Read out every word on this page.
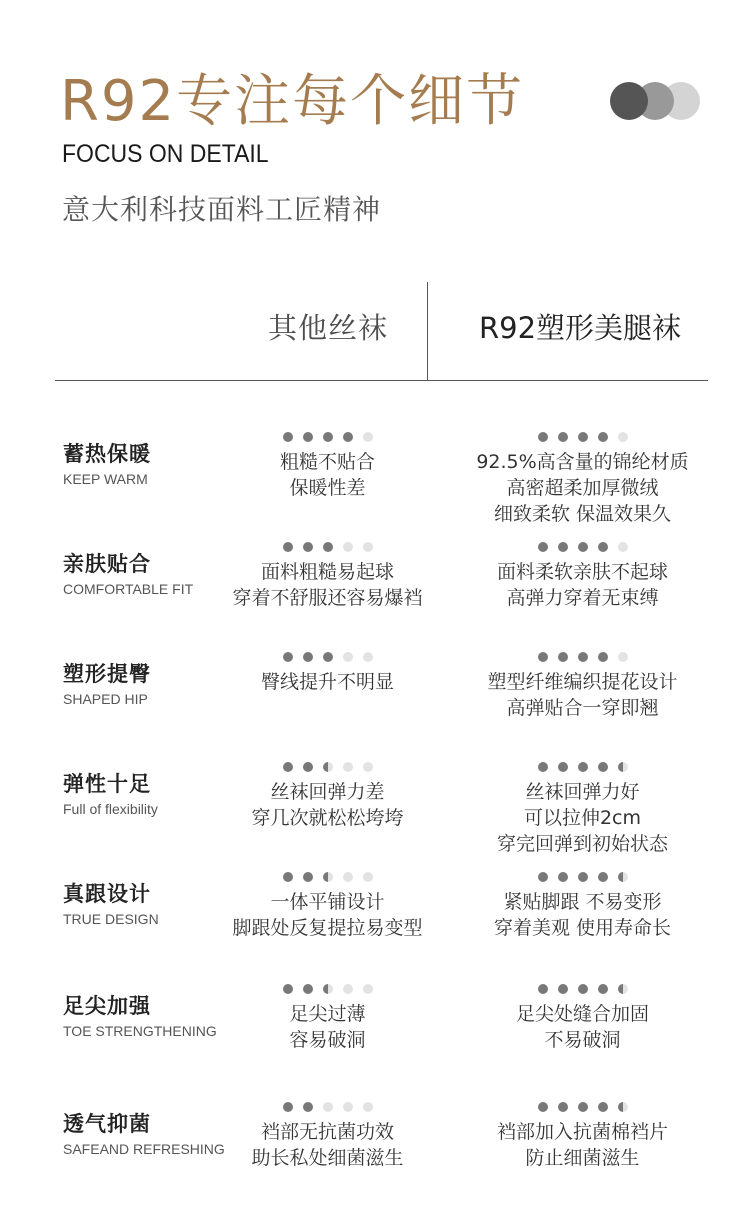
R92专注每个细节
FOCUS ON DETAIL
意大利科技面料工匠精神
其他丝袜	R92塑形美腿袜
蓄热保暖
KEEP WARM
粗糙不贴合
保暖性差
92.5%高含量的锦纶材质
高密超柔加厚微绒
细致柔软 保温效果久
亲肤贴合
COMFORTABLE FIT
面料粗糙易起球
穿着不舒服还容易爆裆
面料柔软亲肤不起球
高弹力穿着无束缚
塑形提臀
SHAPED HIP
臀线提升不明显	塑型纤维编织提花设计
高弹贴合一穿即翘
弹性十足
Full of flexibility
丝袜回弹力差
穿几次就松松垮垮
丝袜回弹力好
可以拉伸2cm
穿完回弹到初始状态
真跟设计
TRUE DESIGN
一体平铺设计
脚跟处反复提拉易变型
紧贴脚跟 不易变形
穿着美观 使用寿命长
足尖加强
TOE STRENGTHENING
足尖过薄
容易破洞
足尖处缝合加固
不易破洞
透气抑菌
SAFEAND REFRESHING
裆部无抗菌功效
助长私处细菌滋生
裆部加入抗菌棉裆片
防止细菌滋生
